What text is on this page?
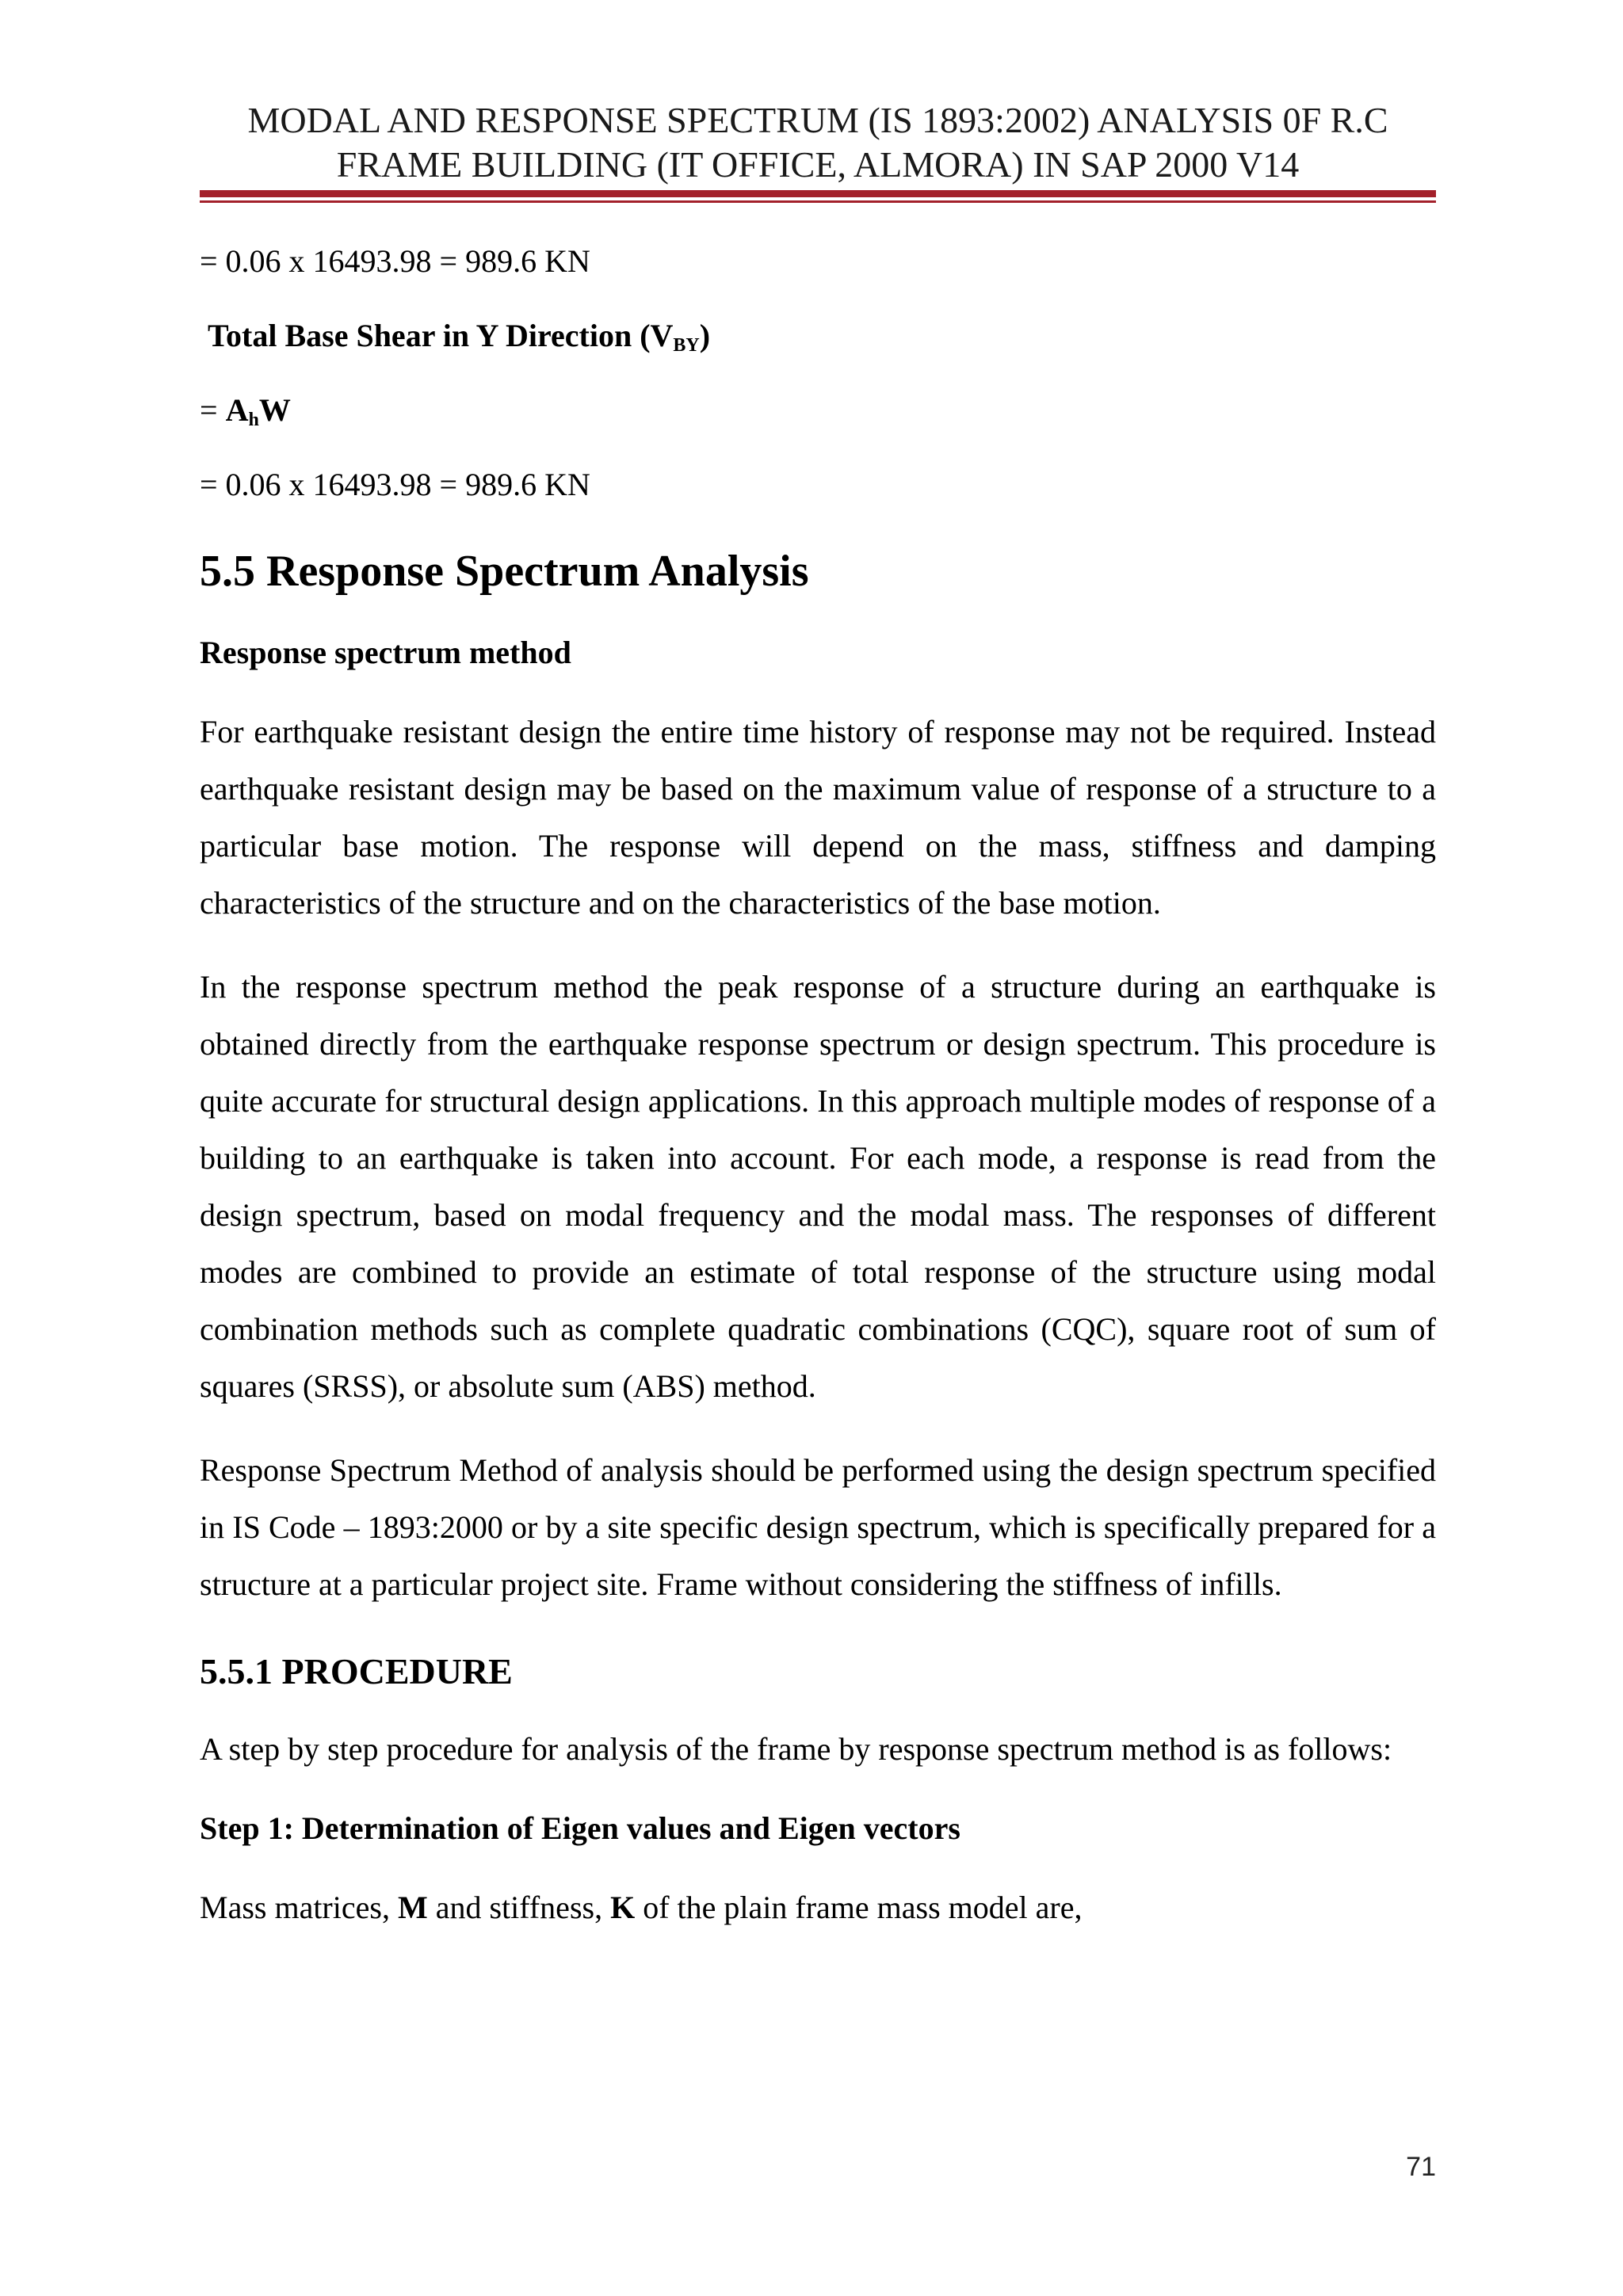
MODAL AND RESPONSE SPECTRUM (IS 1893:2002) ANALYSIS 0F R.C
FRAME BUILDING (IT OFFICE, ALMORA) IN SAP 2000 V14
= 0.06 x 16493.98 = 989.6 KN
Total Base Shear in Y Direction $(V_{BY})$
= $A_hW$
= 0.06 x 16493.98 = 989.6 KN
5.5 Response Spectrum Analysis
Response spectrum method

For earthquake resistant design the entire time history of response may not be required. Instead earthquake resistant design may be based on the maximum value of response of a structure to a particular base motion. The response will depend on the mass, stiffness and damping characteristics of the structure and on the characteristics of the base motion.

In the response spectrum method the peak response of a structure during an earthquake is obtained directly from the earthquake response spectrum or design spectrum. This procedure is quite accurate for structural design applications. In this approach multiple modes of response of a building to an earthquake is taken into account. For each mode, a response is read from the design spectrum, based on modal frequency and the modal mass. The responses of different modes are combined to provide an estimate of total response of the structure using modal combination methods such as complete quadratic combinations (CQC), square root of sum of squares (SRSS), or absolute sum (ABS) method.

Response Spectrum Method of analysis should be performed using the design spectrum specified in IS Code – 1893:2000 or by a site specific design spectrum, which is specifically prepared for a structure at a particular project site. Frame without considering the stiffness of infills.

5.5.1 PROCEDURE

A step by step procedure for analysis of the frame by response spectrum method is as follows:

Step 1: Determination of Eigen values and Eigen vectors

Mass matrices, M and stiffness, K of the plain frame mass model are,

71
